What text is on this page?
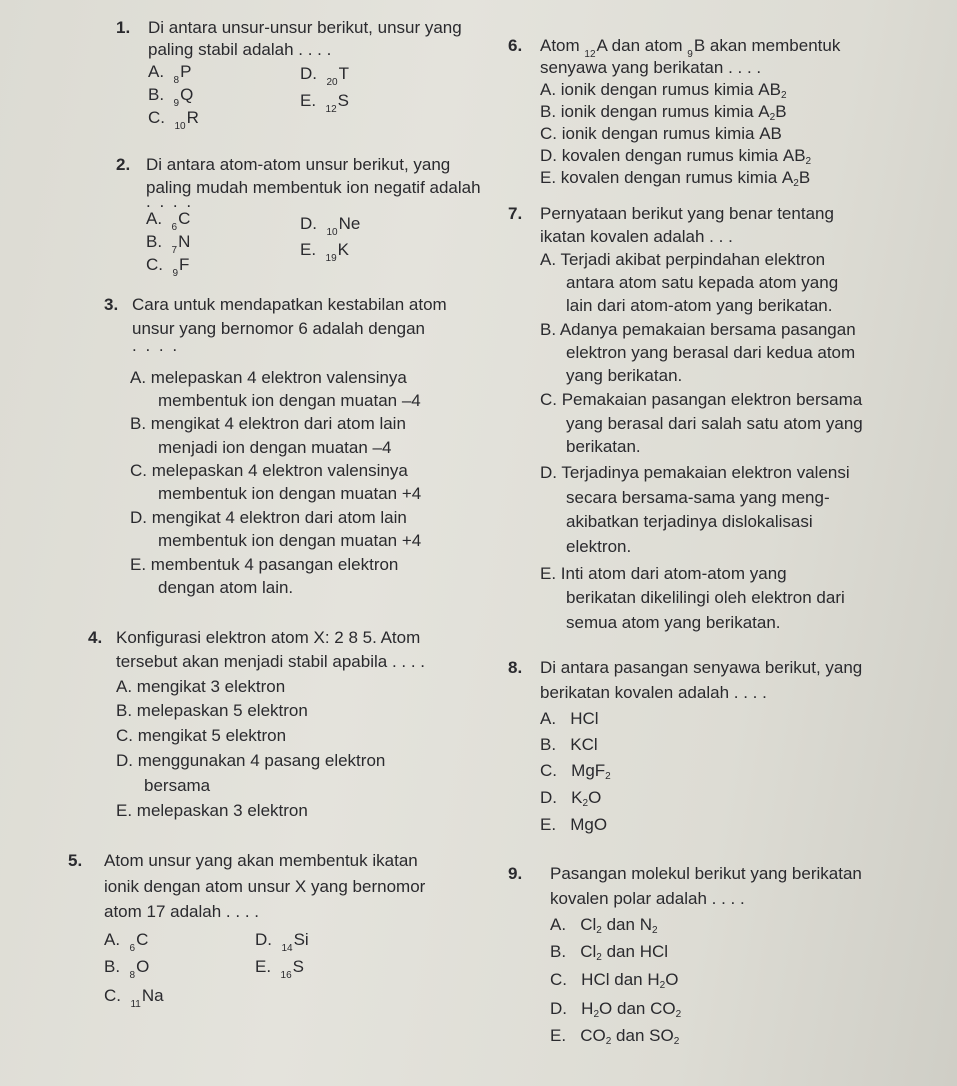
1. Di antara unsur-unsur berikut, unsur yang
paling stabil adalah . . . .
A. 8P
B. 9Q
C. 10R
D. 20T
E. 12S
2. Di antara atom-atom unsur berikut, yang
paling mudah membentuk ion negatif adalah
. . . .
A. 6C
B. 7N
C. 9F
D. 10Ne
E. 19K
3. Cara untuk mendapatkan kestabilan atom
unsur yang bernomor 6 adalah dengan
. . . .
A. melepaskan 4 elektron valensinya
membentuk ion dengan muatan –4
B. mengikat 4 elektron dari atom lain
menjadi ion dengan muatan –4
C. melepaskan 4 elektron valensinya
membentuk ion dengan muatan +4
D. mengikat 4 elektron dari atom lain
membentuk ion dengan muatan +4
E. membentuk 4 pasangan elektron
dengan atom lain.
4. Konfigurasi elektron atom X: 2 8 5. Atom
tersebut akan menjadi stabil apabila . . . .
A. mengikat 3 elektron
B. melepaskan 5 elektron
C. mengikat 5 elektron
D. menggunakan 4 pasang elektron
bersama
E. melepaskan 3 elektron
5. Atom unsur yang akan membentuk ikatan
ionik dengan atom unsur X yang bernomor
atom 17 adalah . . . .
A. 6C
B. 8O
C. 11Na
D. 14Si
E. 16S
6. Atom 12A dan atom 9B akan membentuk
senyawa yang berikatan . . . .
A. ionik dengan rumus kimia $AB_2$
B. ionik dengan rumus kimia $A_2B$
C. ionik dengan rumus kimia AB
D. kovalen dengan rumus kimia $AB_2$
E. kovalen dengan rumus kimia $A_2B$
7. Pernyataan berikut yang benar tentang
ikatan kovalen adalah . . .
A. Terjadi akibat perpindahan elektron
antara atom satu kepada atom yang
lain dari atom-atom yang berikatan.
B. Adanya pemakaian bersama pasangan
elektron yang berasal dari kedua atom
yang berikatan.
C. Pemakaian pasangan elektron bersama
yang berasal dari salah satu atom yang
berikatan.
D. Terjadinya pemakaian elektron valensi
secara bersama-sama yang meng-
akibatkan terjadinya dislokalisasi
elektron.
E. Inti atom dari atom-atom yang
berikatan dikelilingi oleh elektron dari
semua atom yang berikatan.
8. Di antara pasangan senyawa berikut, yang
berikatan kovalen adalah . . . .
A. HCl
B. KCl
C. MgF$_2$
D. $K_2O$
E. MgO
9. Pasangan molekul berikut yang berikatan
kovalen polar adalah . . . .
A. $Cl_2$ dan $N_2$
B. $Cl_2$ dan HCl
C. HCl dan $H_2O$
D. $H_2O$ dan $CO_2$
E. $CO_2$ dan $SO_2$
